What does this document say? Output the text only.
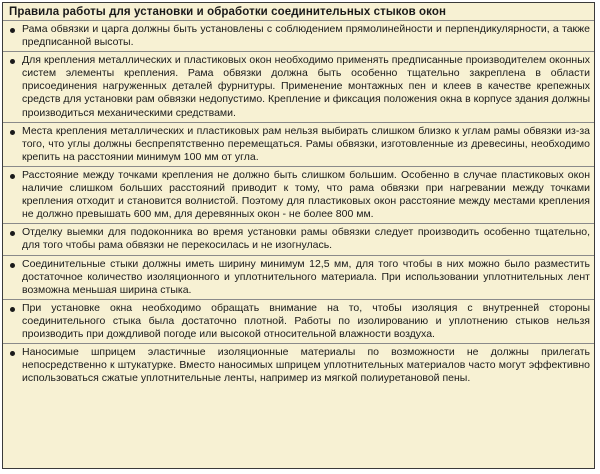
Правила работы для установки и обработки соединительных стыков окон
Рама обвязки и царга должны быть установлены с соблюдением прямолинейности и перпендикулярности, а также предписанной высоты.
Для крепления металлических и пластиковых окон необходимо применять предписанные производителем оконных систем элементы крепления. Рама обвязки должна быть особенно тщательно закреплена в области присоединения нагруженных деталей фурнитуры. Применение монтажных пен и клеев в качестве крепежных средств для установки рам обвязки недопустимо. Крепление и фиксация положения окна в корпусе здания должны производиться механическими средствами.
Места крепления металлических и пластиковых рам нельзя выбирать слишком близко к углам рамы обвязки из-за того, что углы должны беспрепятственно перемещаться. Рамы обвязки, изготовленные из древесины, необходимо крепить на расстоянии минимум 100 мм от угла.
Расстояние между точками крепления не должно быть слишком большим. Особенно в случае пластиковых окон наличие слишком больших расстояний приводит к тому, что рама обвязки при нагревании между точками крепления отходит и становится волнистой. Поэтому для пластиковых окон расстояние между местами крепления не должно превышать 600 мм, для деревянных окон - не более 800 мм.
Отделку выемки для подоконника во время установки рамы обвязки следует производить особенно тщательно, для того чтобы рама обвязки не перекосилась и не изогнулась.
Соединительные стыки должны иметь ширину минимум 12,5 мм, для того чтобы в них можно было разместить достаточное количество изоляционного и уплотнительного материала. При использовании уплотнительных лент возможна меньшая ширина стыка.
При установке окна необходимо обращать внимание на то, чтобы изоляция с внутренней стороны соединительного стыка была достаточно плотной. Работы по изолированию и уплотнению стыков нельзя производить при дождливой погоде или высокой относительной влажности воздуха.
Наносимые шприцем эластичные изоляционные материалы по возможности не должны прилегать непосредственно к штукатурке. Вместо наносимых шприцем уплотнительных материалов часто могут эффективно использоваться сжатые уплотнительные ленты, например из мягкой полиуретановой пены.
